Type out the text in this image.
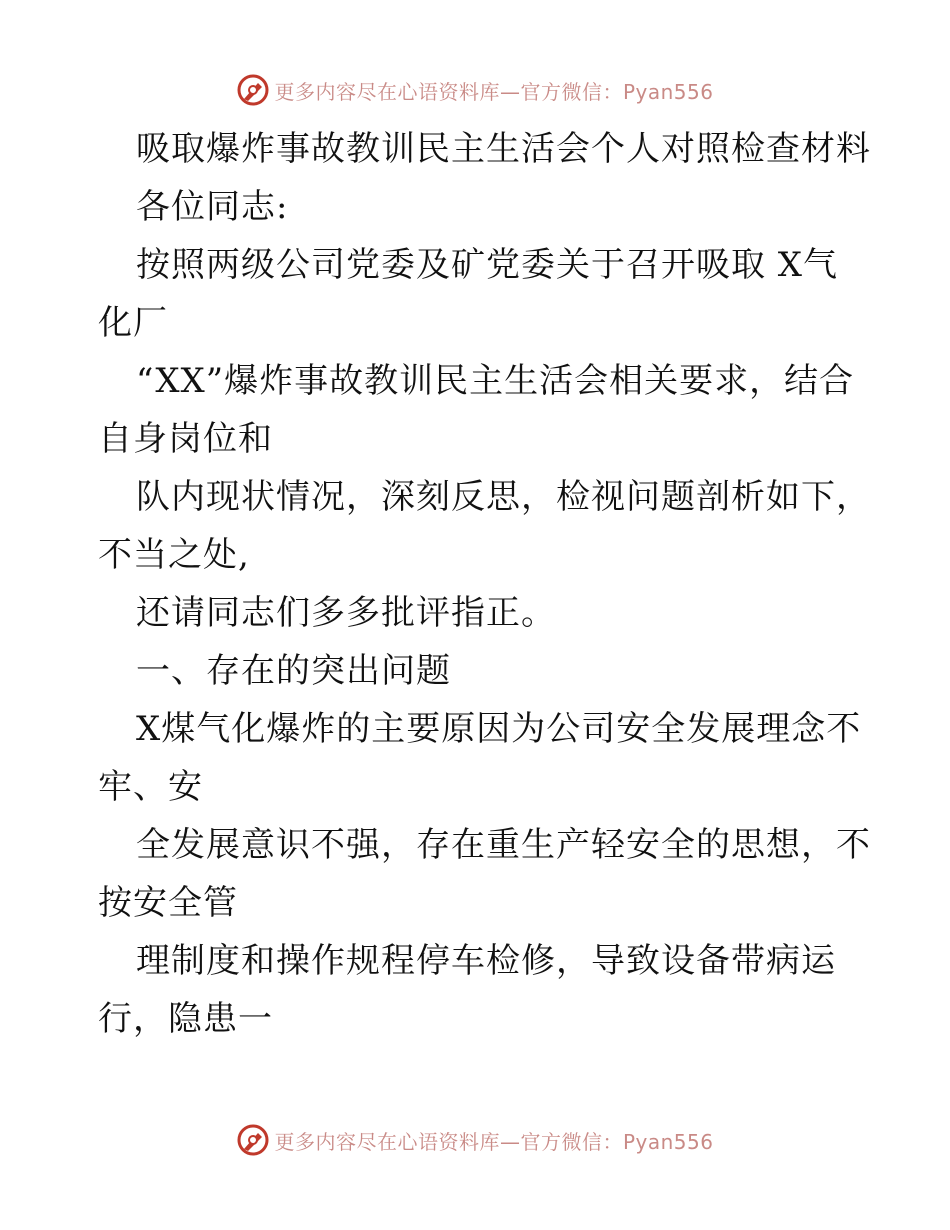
更多内容尽在心语资料库—官方微信：Pyan556
吸取爆炸事故教训民主生活会个人对照检查材料
各位同志:
按照两级公司党委及矿党委关于召开吸取 X气
化厂
“XX”爆炸事故教训民主生活会相关要求，结合
自身岗位和
队内现状情况，深刻反思，检视问题剖析如下，
不当之处,
还请同志们多多批评指正。
一、存在的突出问题
X煤气化爆炸的主要原因为公司安全发展理念不
牢、安
全发展意识不强，存在重生产轻安全的思想，不
按安全管
理制度和操作规程停车检修，导致设备带病运
行，隐患一
更多内容尽在心语资料库—官方微信：Pyan556
